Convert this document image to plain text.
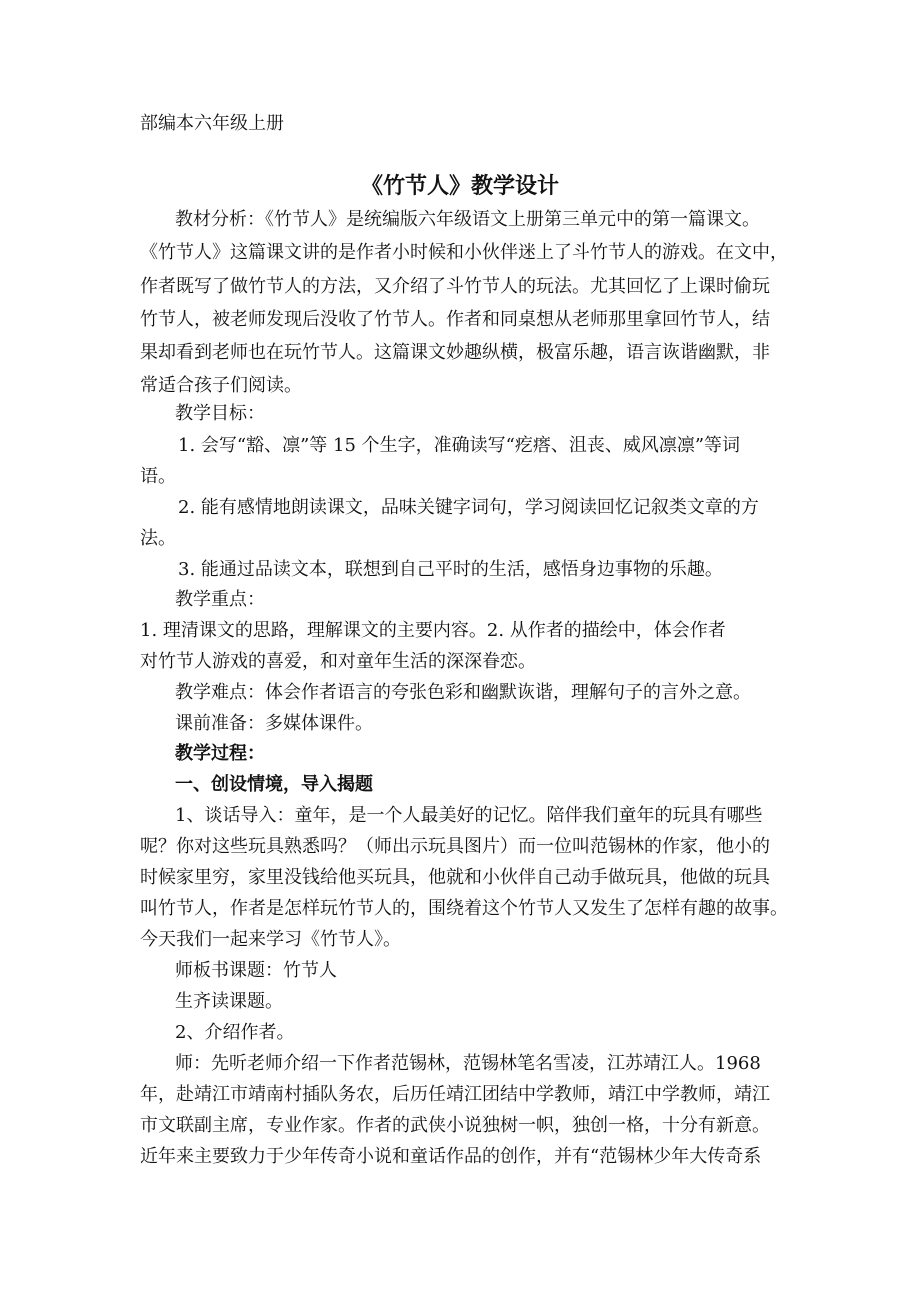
部编本六年级上册
《竹节人》教学设计
教材分析：《竹节人》是统编版六年级语文上册第三单元中的第一篇课文。
《竹节人》这篇课文讲的是作者小时候和小伙伴迷上了斗竹节人的游戏。在文中，
作者既写了做竹节人的方法，又介绍了斗竹节人的玩法。尤其回忆了上课时偷玩
竹节人，被老师发现后没收了竹节人。作者和同桌想从老师那里拿回竹节人，结
果却看到老师也在玩竹节人。这篇课文妙趣纵横，极富乐趣，语言诙谐幽默，非
常适合孩子们阅读。
教学目标：
1. 会写“豁、凛”等 15 个生字，准确读写“疙瘩、沮丧、威风凛凛”等词
语。
2. 能有感情地朗读课文，品味关键字词句，学习阅读回忆记叙类文章的方
法。
3. 能通过品读文本，联想到自己平时的生活，感悟身边事物的乐趣。
教学重点：
1. 理清课文的思路，理解课文的主要内容。2. 从作者的描绘中，体会作者
对竹节人游戏的喜爱，和对童年生活的深深眷恋。
教学难点：体会作者语言的夸张色彩和幽默诙谐，理解句子的言外之意。
课前准备：多媒体课件。
教学过程：
一、创设情境，导入揭题
1、谈话导入：童年，是一个人最美好的记忆。陪伴我们童年的玩具有哪些
呢？你对这些玩具熟悉吗？（师出示玩具图片）而一位叫范锡林的作家，他小的
时候家里穷，家里没钱给他买玩具，他就和小伙伴自己动手做玩具，他做的玩具
叫竹节人，作者是怎样玩竹节人的，围绕着这个竹节人又发生了怎样有趣的故事。
今天我们一起来学习《竹节人》。
师板书课题：竹节人
生齐读课题。
2、介绍作者。
师：先听老师介绍一下作者范锡林，范锡林笔名雪凌，江苏靖江人。1968
年，赴靖江市靖南村插队务农，后历任靖江团结中学教师，靖江中学教师，靖江
市文联副主席，专业作家。作者的武侠小说独树一帜，独创一格，十分有新意。
近年来主要致力于少年传奇小说和童话作品的创作，并有“范锡林少年大传奇系
